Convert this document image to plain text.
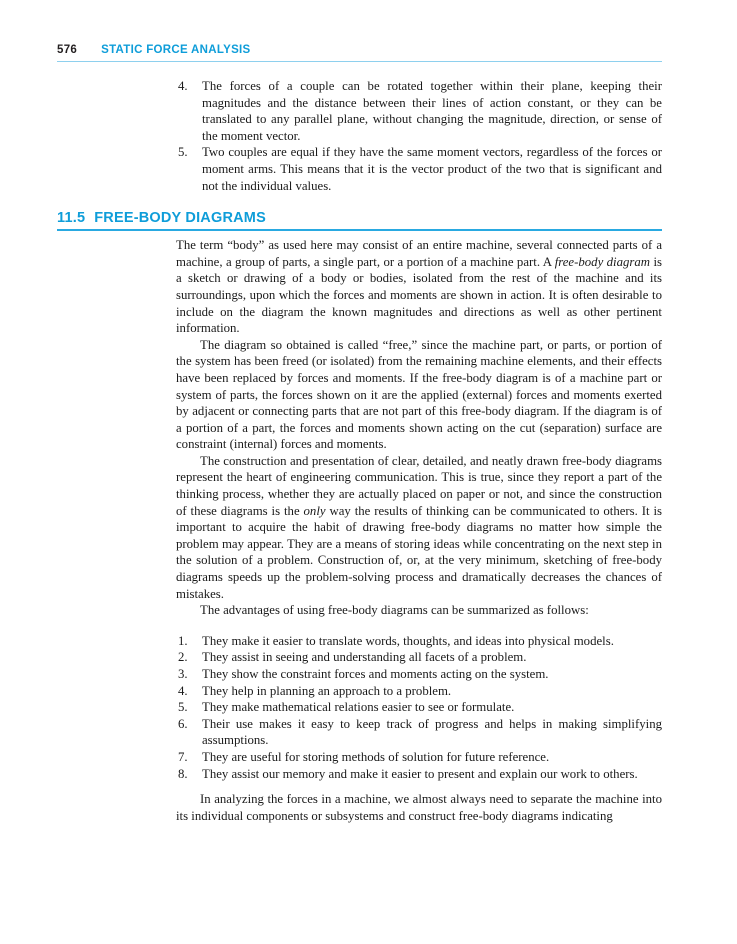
576 STATIC FORCE ANALYSIS
4.	The forces of a couple can be rotated together within their plane, keeping their magnitudes and the distance between their lines of action constant, or they can be translated to any parallel plane, without changing the magnitude, direction, or sense of the moment vector.
5.	Two couples are equal if they have the same moment vectors, regardless of the forces or moment arms. This means that it is the vector product of the two that is significant and not the individual values.
11.5 FREE-BODY DIAGRAMS

The term “body” as used here may consist of an entire machine, several connected parts of a machine, a group of parts, a single part, or a portion of a machine part. A free-body diagram is a sketch or drawing of a body or bodies, isolated from the rest of the machine and its surroundings, upon which the forces and moments are shown in action. It is often desirable to include on the diagram the known magnitudes and directions as well as other pertinent information.

The diagram so obtained is called “free,” since the machine part, or parts, or portion of the system has been freed (or isolated) from the remaining machine elements, and their effects have been replaced by forces and moments. If the free-body diagram is of a machine part or system of parts, the forces shown on it are the applied (external) forces and moments exerted by adjacent or connecting parts that are not part of this free-body diagram. If the diagram is of a portion of a part, the forces and moments shown acting on the cut (separation) surface are constraint (internal) forces and moments.

The construction and presentation of clear, detailed, and neatly drawn free-body diagrams represent the heart of engineering communication. This is true, since they report a part of the thinking process, whether they are actually placed on paper or not, and since the construction of these diagrams is the only way the results of thinking can be communicated to others. It is important to acquire the habit of drawing free-body diagrams no matter how simple the problem may appear. They are a means of storing ideas while concentrating on the next step in the solution of a problem. Construction of, or, at the very minimum, sketching of free-body diagrams speeds up the problem-solving process and dramatically decreases the chances of mistakes.

The advantages of using free-body diagrams can be summarized as follows:

1.	They make it easier to translate words, thoughts, and ideas into physical models.
2.	They assist in seeing and understanding all facets of a problem.
3.	They show the constraint forces and moments acting on the system.
4.	They help in planning an approach to a problem.
5.	They make mathematical relations easier to see or formulate.
6.	Their use makes it easy to keep track of progress and helps in making simplifying assumptions.
7.	They are useful for storing methods of solution for future reference.
8.	They assist our memory and make it easier to present and explain our work to others.

In analyzing the forces in a machine, we almost always need to separate the machine into its individual components or subsystems and construct free-body diagrams indicating
